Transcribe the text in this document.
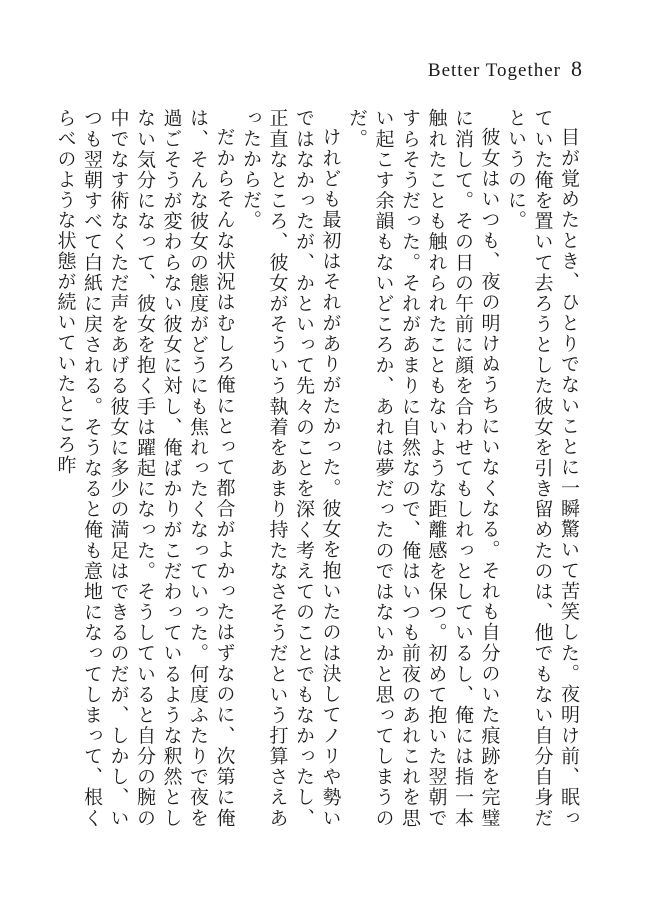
Better Together 8

目が覚めたとき、ひとりでないことに一瞬驚いて苦笑した。夜明け前、眠っていた俺を置いて去ろうとした彼女を引き留めたのは、他でもない自分自身だというのに。

彼女はいつも、夜の明けぬうちにいなくなる。それも自分のいた痕跡を完璧に消して。その日の午前に顔を合わせてもしれっとしているし、俺には指一本触れたことも触れられたこともないような距離感を保つ。初めて抱いた翌朝ですらそうだった。それがあまりに自然なので、俺はいつも前夜のあれこれを思い起こす余韻もないどころか、あれは夢だったのではないかと思ってしまうのだ。

けれども最初はそれがありがたかった。彼女を抱いたのは決してノリや勢いではなかったが、かといって先々のことを深く考えてのことでもなかったし、正直なところ、彼女がそういう執着をあまり持たなさそうだという打算さえあったからだ。

だからそんな状況はむしろ俺にとって都合がよかったはずなのに、次第に俺は、そんな彼女の態度がどうにも焦れったくなっていった。何度ふたりで夜を過ごそうが変わらない彼女に対し、俺ばかりがこだわっているような釈然としない気分になって、彼女を抱く手は躍起になった。そうしていると自分の腕の中でなす術なくただ声をあげる彼女に多少の満足はできるのだが、しかし、いつも翌朝すべて白紙に戻される。そうなると俺も意地になってしまって、根くらべのような状態が続いていたところ昨
